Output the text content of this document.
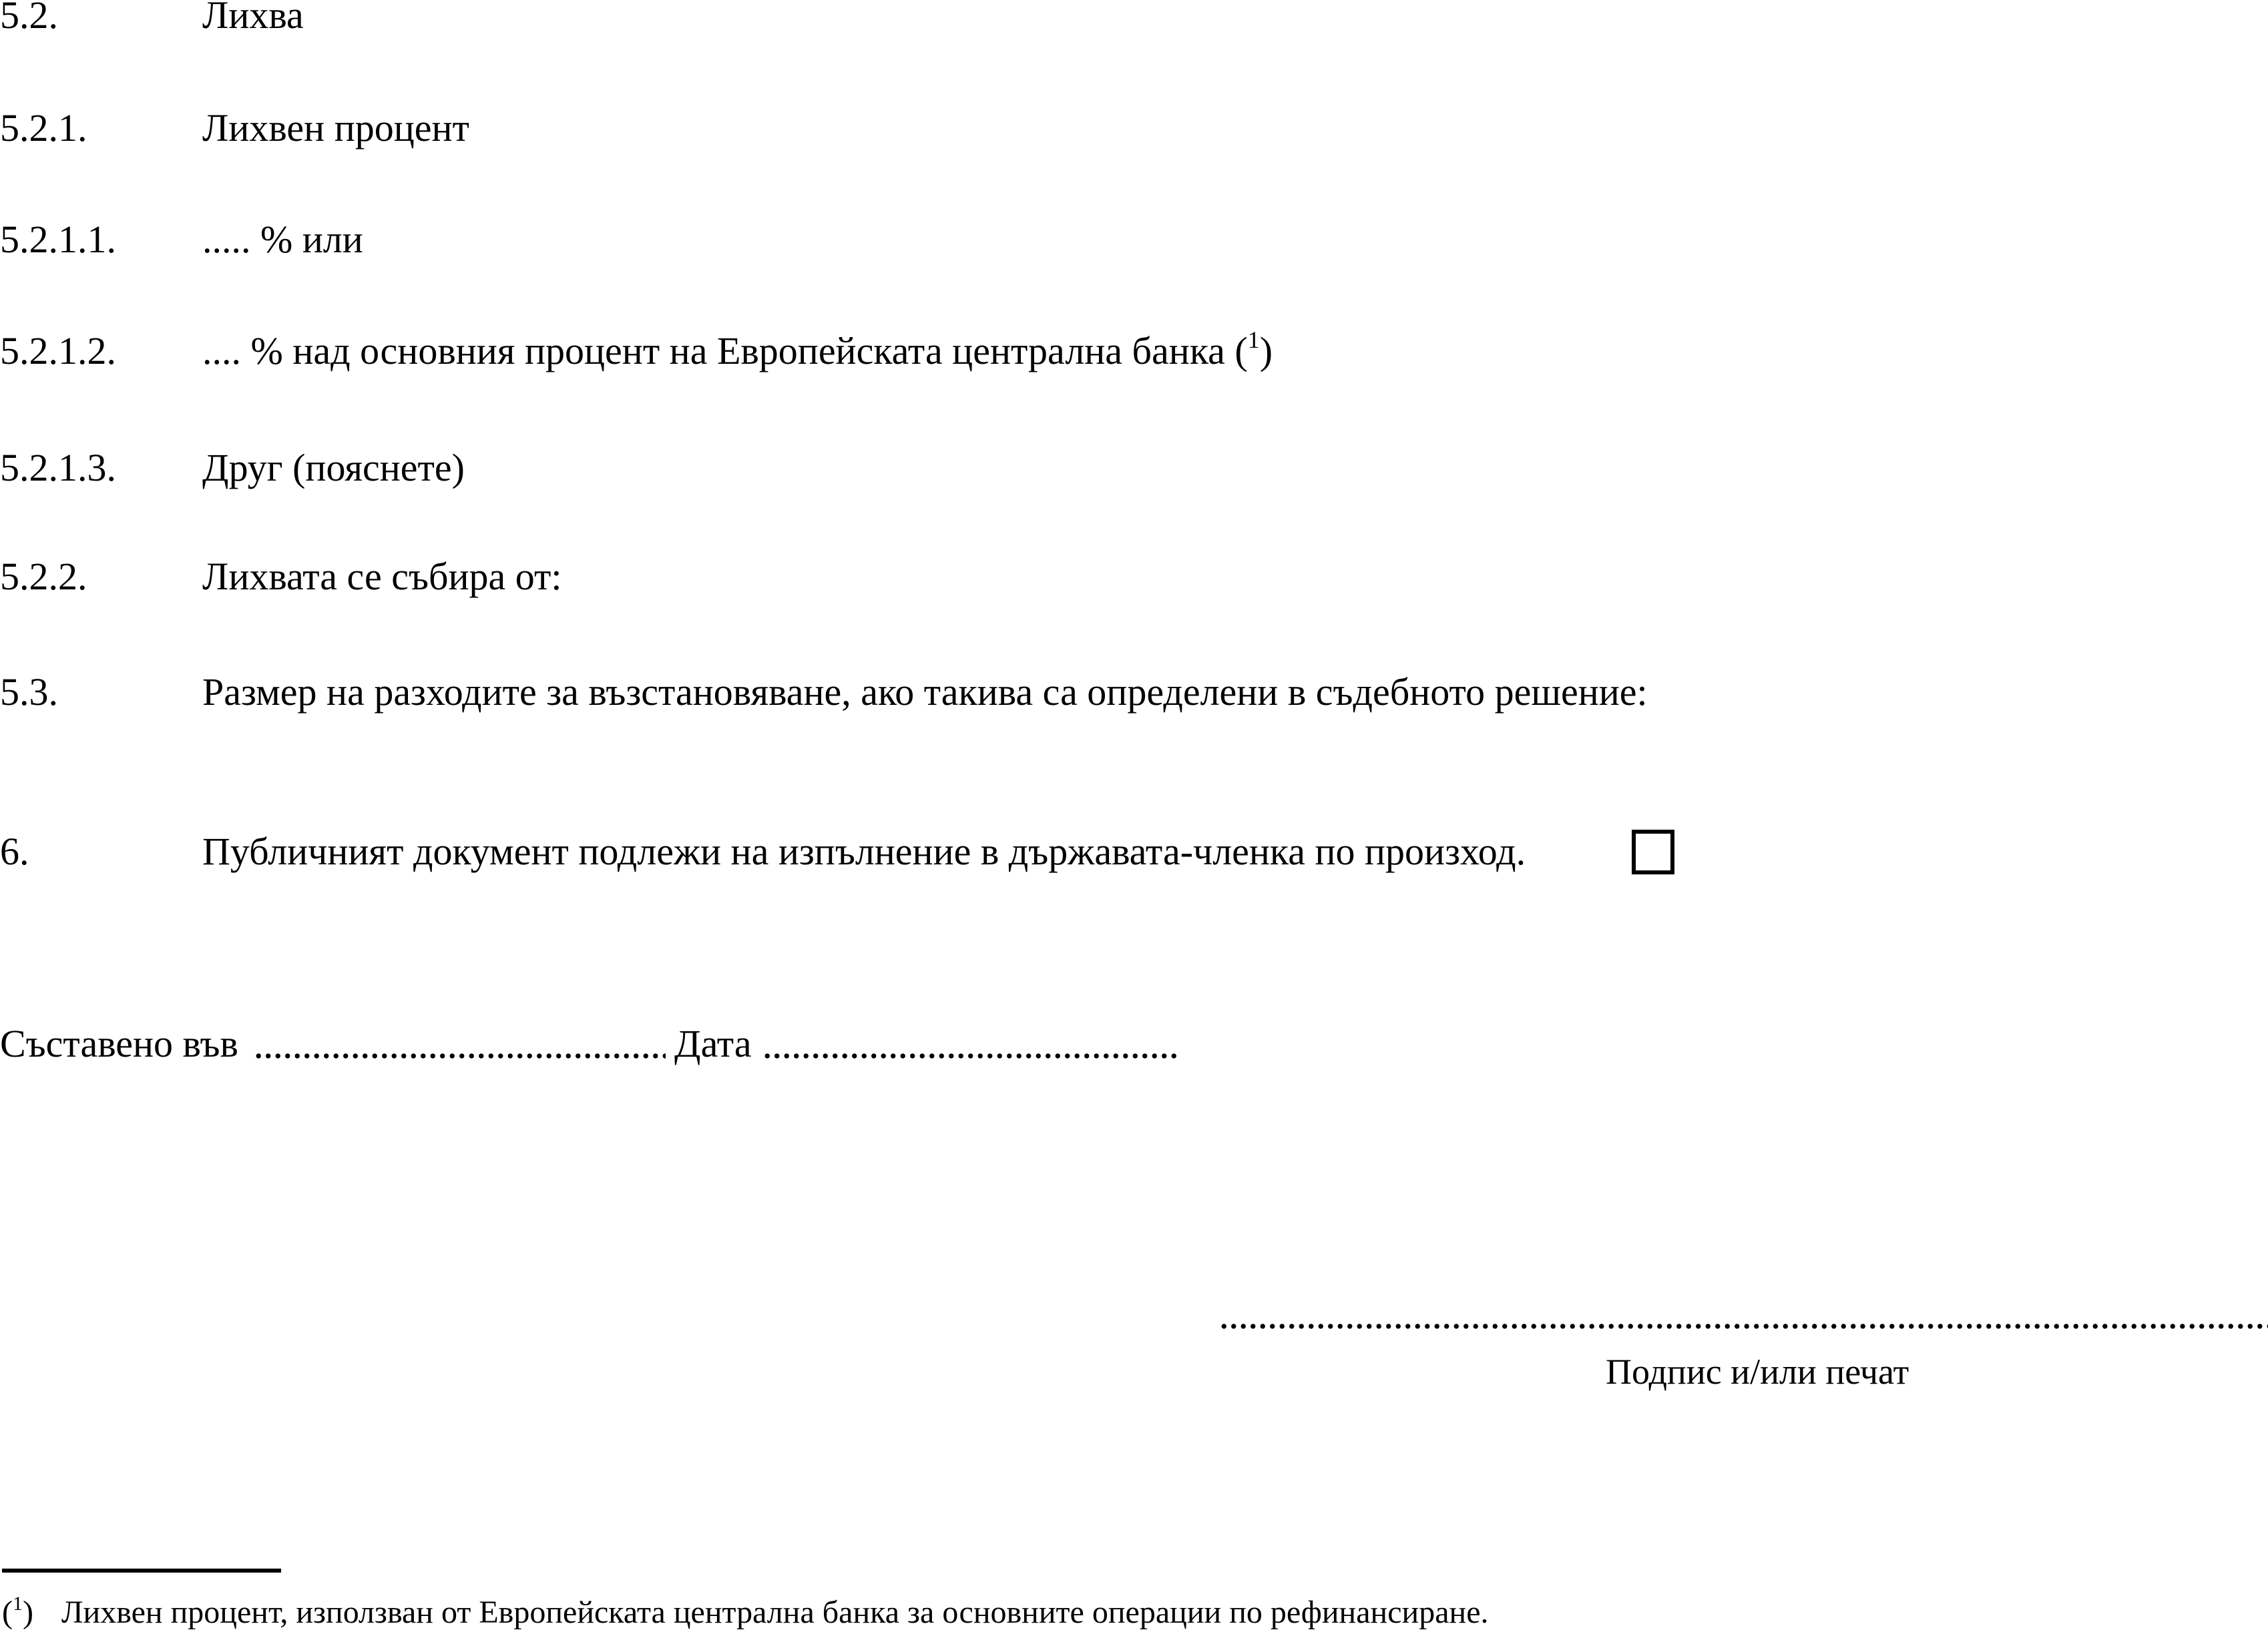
5.2.	Лихва
5.2.1.	Лихвен процент
5.2.1.1. ..... % или
5.2.1.2. .... % над основния процент на Европейската централна банка ($^1$)
5.2.1.3. Друг (пояснете)
5.2.2.	Лихвата се събира от:
5.3.	Размер на разходите за възстановяване, ако такива са определени в съдебното решение:
6.	Публичният документ подлежи на изпълнение в държавата-членка по произход.
Съставено във	Дата
Подпис и/или печат
($^1$) Лихвен процент, използван от Европейската централна банка за основните операции по рефинансиране.
